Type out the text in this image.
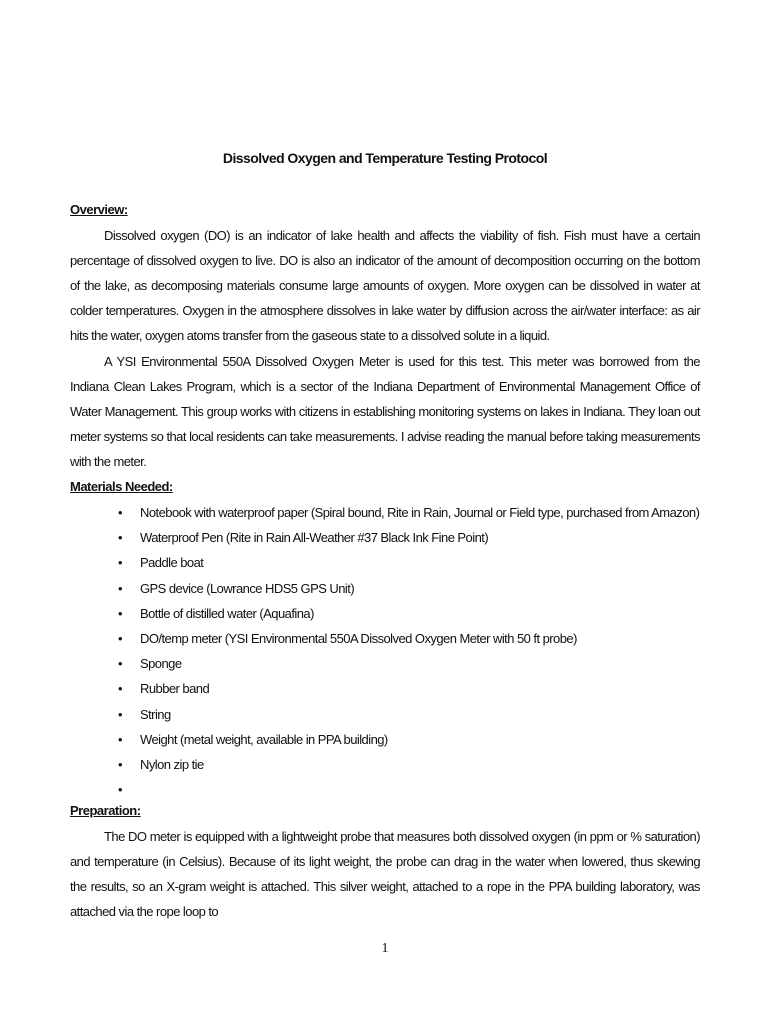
Dissolved Oxygen and Temperature Testing Protocol
Overview:

Dissolved oxygen (DO) is an indicator of lake health and affects the viability of fish. Fish must have a certain percentage of dissolved oxygen to live. DO is also an indicator of the amount of decomposition occurring on the bottom of the lake, as decomposing materials consume large amounts of oxygen. More oxygen can be dissolved in water at colder temperatures. Oxygen in the atmosphere dissolves in lake water by diffusion across the air/water interface: as air hits the water, oxygen atoms transfer from the gaseous state to a dissolved solute in a liquid.

A YSI Environmental 550A Dissolved Oxygen Meter is used for this test. This meter was borrowed from the Indiana Clean Lakes Program, which is a sector of the Indiana Department of Environmental Management Office of Water Management. This group works with citizens in establishing monitoring systems on lakes in Indiana. They loan out meter systems so that local residents can take measurements. I advise reading the manual before taking measurements with the meter.

Materials Needed:
• Notebook with waterproof paper (Spiral bound, Rite in Rain, Journal or Field type, purchased from Amazon)
• Waterproof Pen (Rite in Rain All-Weather #37 Black Ink Fine Point)
• Paddle boat
• GPS device (Lowrance HDS5 GPS Unit)
• Bottle of distilled water (Aquafina)
• DO/temp meter (YSI Environmental 550A Dissolved Oxygen Meter with 50 ft probe)
• Sponge
• Rubber band
• String
• Weight (metal weight, available in PPA building)
• Nylon zip tie
•
Preparation:

The DO meter is equipped with a lightweight probe that measures both dissolved oxygen (in ppm or % saturation) and temperature (in Celsius). Because of its light weight, the probe can drag in the water when lowered, thus skewing the results, so an X-gram weight is attached. This silver weight, attached to a rope in the PPA building laboratory, was attached via the rope loop to

1
